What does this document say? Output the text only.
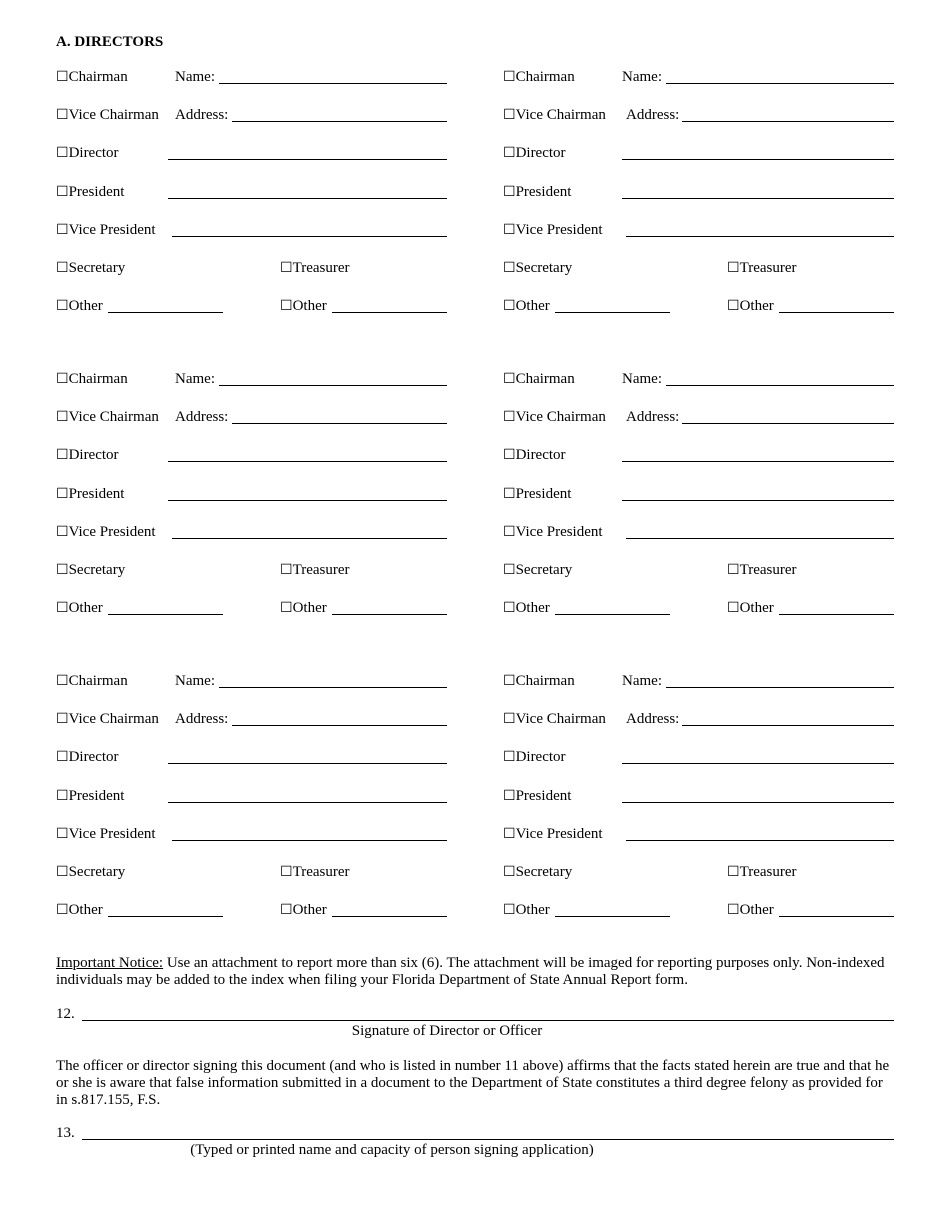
A. DIRECTORS
☐Chairman	Name:
☐Vice Chairman Address:
☐Director
☐President
☐Vice President
☐Secretary	☐Treasurer
☐Other	☐Other
☐Chairman	Name:
☐Vice Chairman Address:
☐Director
☐President
☐Vice President
☐Secretary	☐Treasurer
☐Other	☐Other
☐Chairman	Name:
☐Vice Chairman Address:
☐Director
☐President
☐Vice President
☐Secretary	☐Treasurer
☐Other	☐Other
☐Chairman	Name:
☐Vice Chairman Address:
☐Director
☐President
☐Vice President
☐Secretary	☐Treasurer
☐Other	☐Other
☐Chairman	Name:
☐Vice Chairman Address:
☐Director
☐President
☐Vice President
☐Secretary	☐Treasurer
☐Other	☐Other
☐Chairman	Name:
☐Vice Chairman Address:
☐Director
☐President
☐Vice President
☐Secretary	☐Treasurer
☐Other	☐Other
Important Notice: Use an attachment to report more than six (6). The attachment will be imaged for reporting purposes only. Non-indexed individuals may be added to the index when filing your Florida Department of State Annual Report form.
12.
Signature of Director or Officer
The officer or director signing this document (and who is listed in number 11 above) affirms that the facts stated herein are true and that he or she is aware that false information submitted in a document to the Department of State constitutes a third degree felony as provided for in s.817.155, F.S.
13.
(Typed or printed name and capacity of person signing application)
